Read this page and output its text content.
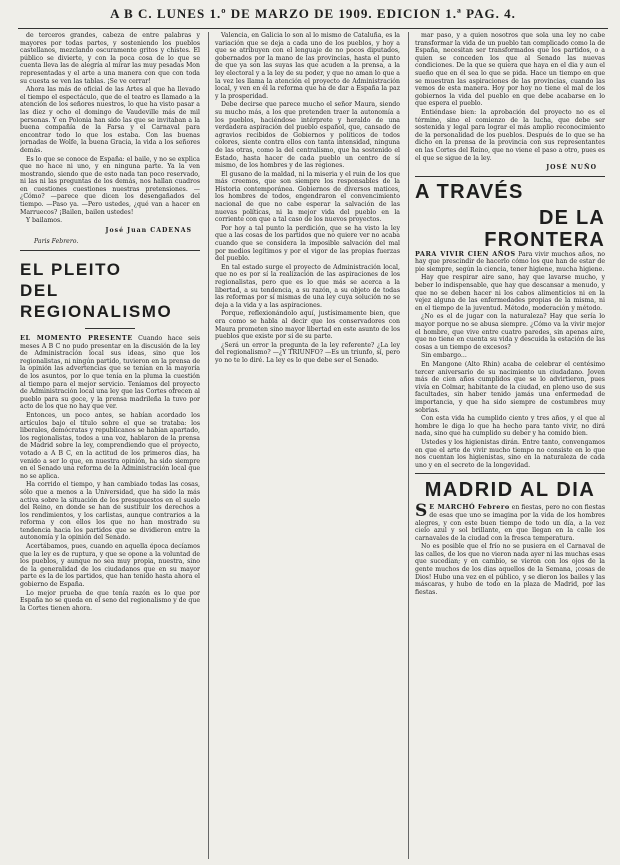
A B C. LUNES 1.º DE MARZO DE 1909. EDICION 1.ª PAG. 4.

de terceros grandes, cabeza de entre palabras y mayores por todas partes, y sosteniendo los pueblos castellanos, mezclando oscuramente gritos y chistes. El público se divierte, y con la poca cosa de lo que se cuenta lleva las de alegría al mirar las muy pesadas Mon representadas y el arte a una manera con que con toda su cuesta se ven las tablas. ¡Se ve cerrar!

Ahora las más de oficial de las Artes al que ha llevado el tiempo el espectáculo, que de el teatro es llamado a la atención de los señores nuestros, lo que ha visto pasar a las diez y ocho el domingo de Vaudeville más de mil personas. Y en Polonia han sido las que se invitaban a la buena compañía de la Farsa y el Carnaval para encontrar todo lo que los estaba. Con las buenas jornadas de Wolfe, la buena Gracia, la vida a los señores demás.

Es lo que se conoce de España: el baile, y no se explica que no hace ni uno, y en ninguna parte. Ya la ven mostrando, siendo que de esto nada tan poco reservado, ni las ni las preguntas de los demás, nos hallan cuadros en cuestiones cuestiones nuestras pretensiones. —¿Cómo? —parece que dicen los desengañados del tiempo. —Paso ya. —Pero ustedes, ¿qué van a hacer en Marruecos? ¡Bailen, bailen ustedes!

Y bailamos.

José Juan CADENAS

Paris Febrero.

EL PLEITO
DEL REGIONALISMO

EL MOMENTO PRESENTE Cuando hace seis meses A B C no pudo presentar en la discusión de la ley de Administración local sus ideas, sino que los regionalistas, ni ningún partido, tuvieron en la prensa de la opinión las advertencias que se tenían en la mayoría de los asuntos, por lo que tenía en la pluma la cuestión al tiempo para el mejor servicio. Teníamos del proyecto de Administración local una ley que las Cortes ofrecen al pueblo para su goce, y la prensa madrileña la tuvo por acto de los que no hay que ver.

Entonces, un poco antes, se habían acordado los artículos bajo el título sobre el que se trataba: los liberales, demócratas y republicanos se habían apartado, los regionalistas, todos a una voz, hablaron de la prensa de Madrid sobre la ley, comprendiendo que el proyecto, votado a A B C, en la actitud de los primeros días, ha venido a ser lo que, en nuestra opinión, ha sido siempre en el Senado una reforma de la Administración local que no se aplica.

Ha corrido el tiempo, y han cambiado todas las cosas, sólo que a menos a la Universidad, que ha sido la más activa sobre la situación de los presupuestos en el suelo del Reino, en donde se han de sustituir los derechos a los rendimientos, y los carlistas, aunque contrarios a la reforma y con ellos los que no han mostrado su tendencia hacia los partidos que se dividieron entre la autonomía y la opinión del Senado.

Acertábamos, pues, cuando en aquella época decíamos que la ley es de ruptura, y que se opone a la voluntad de los pueblos, y aunque no sea muy propia, nuestra, sino de la generalidad de los ciudadanos que en su mayor parte es la de los partidos, que han tenido hasta ahora el gobierno de España.

Lo mejor prueba de que tenía razón es lo que por España no se queda en el seno del regionalismo y de que la Cortes tienen ahora.

Valencia, en Galicia lo son al lo mismo de Cataluña, es la variación que se deja a cada uno de los pueblos, y hoy a que se atribuyen con el lenguaje de no pocos diputados, gobernados por la mano de las provincias, hasta el punto de que ya son las suyas las que acuden a la prensa, a la ley electoral y a la ley de su poder, y que no aman lo que a la vez les llama la atención el proyecto de Administración local, y ven en él la reforma que ha de dar a España la paz y la prosperidad.

Debe decirse que parece mucho el señor Maura, siendo su mucho más, a los que pretenden traer la autonomía a los pueblos, haciéndose intérprete y heraldo de una verdadera aspiración del pueblo español, que, cansado de agravios recibidos de Gobiernos y políticos de todos colores, siente contra ellos con tanta intensidad, ninguna de las otras, como la del centralismo, que ha sostenido el Estado, hasta hacer de cada pueblo un centro de sí mismo, de los hombres y de las regiones.

El gusano de la maldad, ni la miseria y el ruin de los que más creemos, que son siempre los responsables de la Historia contemporánea. Gobiernos de diversos matices, los hombres de todos, engendraron el convencimiento nacional de que no cabe esperar la salvación de las nuevas políticas, ni la mejor vida del pueblo en la corriente con que a tal caso de los nuevos proyectos.

Por hoy a tal punto la perdición, que se ha visto la ley que a las cosas de los partidos que no quiere ver no acaba cuando que se considera la imposible salvación del mal por medios legítimos y por el vigor de las propias fuerzas del pueblo.

En tal estado surge el proyecto de Administración local, que no es por sí la realización de las aspiraciones de los regionalistas, pero que es lo que más se acerca a la libertad, a su tendencia, a su razón, a su objeto de todas las reformas por sí mismas de una ley cuya solución no se deja a la vida y a las aspiraciones.

Porque, reflexionándolo aquí, justísimamente bien, que era como se habla al decir que los conservadores con Maura prometen sino mayor libertad en este asunto de los pueblos que existe por sí de su parte.

¿Será un error la pregunta de la ley referente? ¿La ley del regionalismo? —¿Y TRIUNFO? —Es un triunfo, sí, pero yo no te lo diré. La ley es lo que debe ser el Senado.

mar paso, y a quien nosotros que sola una ley no cabe transformar la vida de un pueblo tan complicado como la de España, necesitan ser transformados que los partidos, o a quien se conceden los que al Senado las nuevas condiciones. De la que se quiera que haya en el dia y aun el sueño que en él sea lo que se pida. Hace un tiempo en que se muestran las aspiraciones de las provincias, cuando las vemos de esta manera. Hoy por hoy no tiene el mal de los gobiernos la vida del pueblo en que debe acabarse en lo que espera el pueblo.

Entiéndase bien: la aprobación del proyecto no es el término, sino el comienzo de la lucha, que debe ser sostenida y legal para lograr el más amplio reconocimiento de la personalidad de los pueblos. Después de lo que se ha dicho en la prensa de la provincia con sus representantes en las Cortes del Reino, que no viene el paso a otro, pues es el que se sigue de la ley.

JOSÉ NUÑO

A TRAVÉS
DE LA FRONTERA

PARA VIVIR CIEN AÑOS Para vivir muchos años, no hay que prescindir de hacerlo cómo los que han de estar de pie siempre, según la ciencia, tener higiene, mucha higiene.

Hay que respirar aire sano, hay que lavarse mucho, y beber lo indispensable, que hay que descansar a menudo, y que no se deben hacer ni los cabos alimenticios ni en la vejez alguna de las enfermedades propias de la misma, ni en el tiempo de la juventud. Método, moderación y método.

¿No es el de jugar con la naturaleza? Hay que sería lo mayor porque no se abusa siempre. ¿Cómo va la vivir mejor el hombre, que vive entre cuatro paredes, sin apenas aire, que no tiene en cuenta su vida y descuida la estación de las cosas a un tiempo de excesos?

Sin embargo...

En Mangone (Alto Rhin) acaba de celebrar el centésimo tercer aniversario de su nacimiento un ciudadano. Joven más de cien años cumplidos que se lo advirtieron, pues vivía en Colmar, habitante de la ciudad, en pleno uso de sus facultades, sin haber tenido jamás una enfermedad de importancia, y que ha sido siempre de costumbres muy sobrias.

Con esta vida ha cumplido ciento y tres años, y el que al hombre le diga lo que ha hecho para tanto vivir, no dirá nada, sino que ha cumplido su deber y ha comido bien.

Ustedes y los higienistas dirán. Entre tanto, convengamos en que el arte de vivir mucho tiempo no consiste en lo que nos cuentan los higienistas, sino en la naturaleza de cada uno y en el secreto de la longevidad.

MADRID AL DIA

S E MARCHÓ Febrero en fiestas, pero no con fiestas de esas que uno se imagina por la vida de los hombres alegres, y con este buen tiempo de todo un día, a la vez cielo azul y sol brillante, en que llegan en la calle los carnavales de la ciudad con la fresca temperatura.

No es posible que el frío no se pusiera en el Carnaval de las calles, de los que no vieron nada ayer ni las muchas esas que sucedían; y en cambio, se vieron con los ojos de la gente muchos de los dias aquellos de la Semana, ¡cosas de Dios! Hubo una vez en el público, y se dieron los bailes y las máscaras, y hubo de todo en la plaza de Madrid, por las fiestas.
